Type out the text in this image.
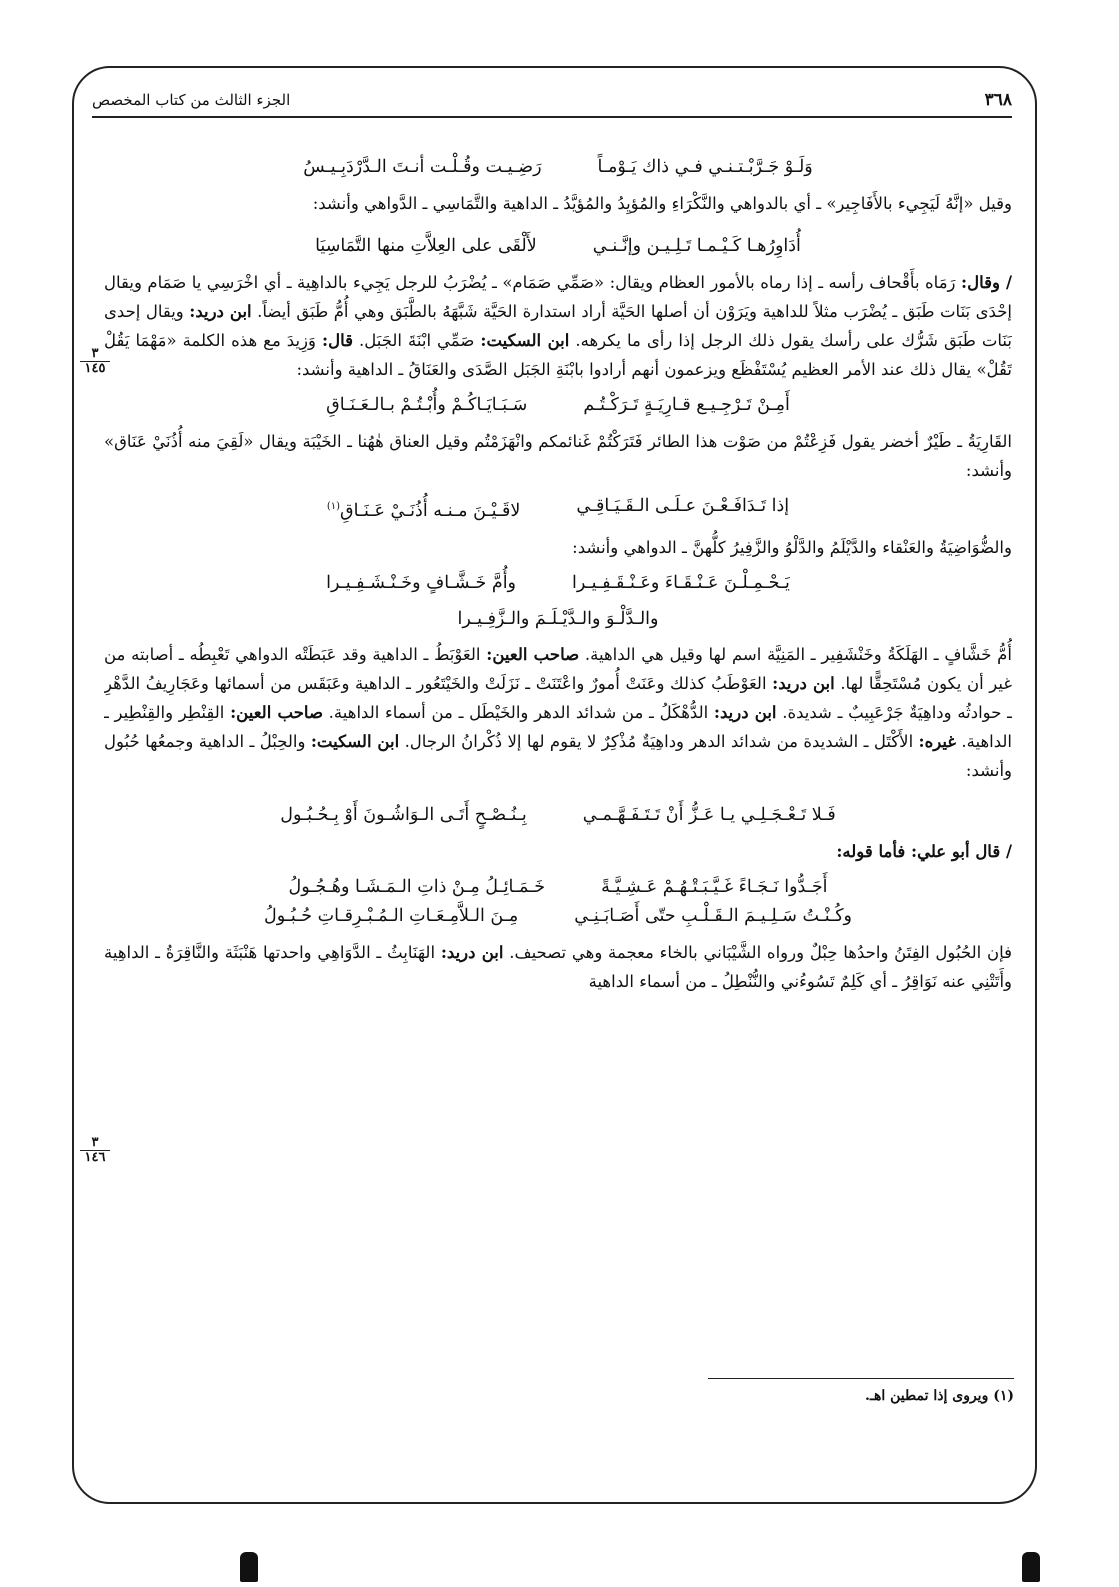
٣٦٨
الجزء الثالث من كتاب المخصص
٣
١٤٥
٣
١٤٦
وَلَـوْ جَـرَّبْـتـنـي فـي ذاك يَـوْمـاً
رَضِـيـت وقُـلْـت أنـتَ الـدَّرْدَبِـيـسُ

وقيل «إنَّهُ لَيَجِيء بالأَفَاجِير» ـ أي بالدواهي والنَّكْرَاءِ والمُؤيِدُ والمُؤيَّدُ ـ الداهية والتَّمَاسِي ـ الدَّواهي وأنشد:

أُدَاوِرُهـا كَـيْـمـا تَـلِـيـن وإنَّـنـي
لأَلْقَى على العِلاَّتِ منها التَّمَاسِيَا

/ وقال: رَمَاه بأَقْحاف رأسه ـ إذا رماه بالأمور العظام ويقال: «صَمِّي صَمَام» ـ يُضْرَبُ للرجل يَجِيء بالداهِية ـ أي اخْرَسِي يا صَمَام ويقال إحْدَى بَنَات طَبَق ـ يُضْرَب مثلاً للداهية ويَرَوْن أن أصلها الحَيَّة أراد استدارة الحَيَّة شَبَّهَهُ بالطَّبَق وهي أُمُّ طَبَق أيضاً. ابن دريد: ويقال إحدى بَنَات طَبَق شَرُّك على رأسك يقول ذلك الرجل إذا رأى ما يكرهه. ابن السكيت: صَمِّي ابْنَةَ الجَبَل. قال: وَزِيدَ مع هذه الكلمة «مَهْمَا يَقُلْ تَقُلْ» يقال ذلك عند الأمر العظيم يُسْتَفْظَع ويزعمون أنهم أرادوا بابْنَةِ الجَبَل الصَّدَى والعَنَاقُ ـ الداهية وأنشد:

أَمِـنْ تَـرْجِـيـع قـارِيَـةٍ تَـرَكْـتُـم
سَـبَـايَـاكُـمْ وأُبْـتُـمْ بـالـعَـنَـاقِ

القَارِيَةُ ـ طَيْرٌ أخضر يقول فَزِعْتُمْ من صَوْت هذا الطائر فَتَرَكْتُمْ غَنائمكم وانْهَزَمْتُم وقيل العناق هٰهُنا ـ الخَيْبَة ويقال «لَقِيَ منه أُذُنَيْ عَنَاق» وأنشد:

إذا تَـدَافَـعْـنَ عـلَـى الـقَـيَـاقِـي
لاقَـيْـنَ مـنـه أُذُنَـيْ عَـنَـاقِ$^{(١)}$

والضُّوَاضِيَةُ والعَنْقاء والدَّيْلَمُ والدَّلْوُ والزَّفِيرُ كلُّهنَّ ـ الدواهي وأنشد:

يَـحْـمِـلْـنَ عَـنْـقَـاءَ وعَـنْـقَـفِـيـرا
وأُمَّ خَـشَّـافٍ وخَـنْـشَـفِـيـرا
والـدَّلْـوَ والـدَّيْـلَـمَ والـزَّفِـيـرا

أُمُّ خَشَّافٍ ـ الهَلَكَةُ وخَنْشَفِير ـ المَنِيَّة اسم لها وقيل هي الداهية. صاحب العين: العَوْبَطُ ـ الداهية وقد عَبَطَتْه الدواهي تَعْبِطُه ـ أصابته من غير أن يكون مُسْتَحِقًّا لها. ابن دريد: العَوْطَبُ كذلك وعَنَتْ أُمورٌ واعْتَنَتْ ـ نَزَلَتْ والخَيْتَعُور ـ الداهية وعَبَقَس من أسمائها وعَجَارِيفُ الدَّهْرِ ـ حوادثُه وداهِيَةٌ جَرْعَبِيبٌ ـ شديدة. ابن دريد: الدُّهْكَلُ ـ من شدائد الدهر والخَيْطَل ـ من أسماء الداهية. صاحب العين: القِنْطِر والقِنْطِير ـ الداهية. غيره: الأَكْتَل ـ الشديدة من شدائد الدهر وداهِيَةٌ مُذْكِرٌ لا يقوم لها إلا ذُكْرانُ الرجال. ابن السكيت: والحِبْلُ ـ الداهية وجمعُها حُبُول وأنشد:

فَـلا تَـعْـجَـلِـي يـا عَـزُّ أَنْ تَـتَـفَـهَّـمـي
بِـنُـصْـحٍ أَتَـى الـوَاشُـونَ أَوْ بِـحُـبُـول

/ قال أبو علي: فأما قوله:

أَجَـدُّوا نَـجَـاءً غَـيَّـبَـتْـهُـمْ عَـشِـيَّـةً
خَـمَـائِـلُ مِـنْ ذاتِ الـمَـشَـا وهُـجُـولُ
وكُـنْـتُ سَـلِـيـمَ الـقَـلْـبِ حتّى أَصَـابَـنِـي
مِـنَ الـلاَّمِـعَـاتِ الـمُـبْـرِقـاتِ حُـبُـولُ

فإن الحُبُول الفِتَنُ واحدُها حِبْلٌ ورواه الشَّيْبَاني بالخاء معجمة وهي تصحيف. ابن دريد: الهَنَابِثُ ـ الدَّوَاهِي واحدتها هَنْبَثَة والنَّاقِرَةُ ـ الداهِية وأَتَتْنِي عنه نَوَاقِرُ ـ أي كَلِمٌ تَسُوءُني والنُّنْطِلُ ـ من أسماء الداهية

(١) ويروى إذا تمطين اهـ.
